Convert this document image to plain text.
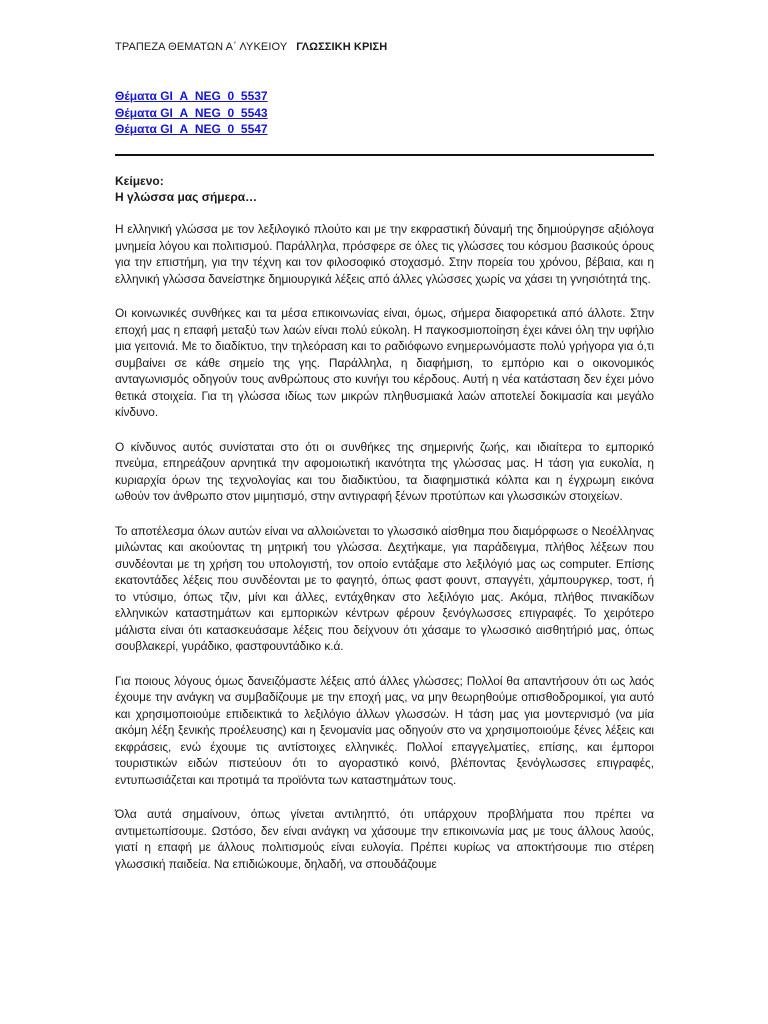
ΤΡΑΠΕΖΑ ΘΕΜΑΤΩΝ Α΄ ΛΥΚΕΙΟΥ ΓΛΩΣΣΙΚΗ ΚΡΙΣΗ
Θέματα GI_A_NEG_0_5537
Θέματα GI_A_NEG_0_5543
Θέματα GI_A_NEG_0_5547
Κείμενο:
Η γλώσσα μας σήμερα…

Η ελληνική γλώσσα με τον λεξιλογικό πλούτο και με την εκφραστική δύναμή της δημιούργησε αξιόλογα μνημεία λόγου και πολιτισμού. Παράλληλα, πρόσφερε σε όλες τις γλώσσες του κόσμου βασικούς όρους για την επιστήμη, για την τέχνη και τον φιλοσοφικό στοχασμό. Στην πορεία του χρόνου, βέβαια, και η ελληνική γλώσσα δανείστηκε δημιουργικά λέξεις από άλλες γλώσσες χωρίς να χάσει τη γνησιότητά της.

Οι κοινωνικές συνθήκες και τα μέσα επικοινωνίας είναι, όμως, σήμερα διαφορετικά από άλλοτε. Στην εποχή μας η επαφή μεταξύ των λαών είναι πολύ εύκολη. Η παγκοσμιοποίηση έχει κάνει όλη την υφήλιο μια γειτονιά. Με το διαδίκτυο, την τηλεόραση και το ραδιόφωνο ενημερωνόμαστε πολύ γρήγορα για ό,τι συμβαίνει σε κάθε σημείο της γης. Παράλληλα, η διαφήμιση, το εμπόριο και ο οικονομικός ανταγωνισμός οδηγούν τους ανθρώπους στο κυνήγι του κέρδους. Αυτή η νέα κατάσταση δεν έχει μόνο θετικά στοιχεία. Για τη γλώσσα ιδίως των μικρών πληθυσμιακά λαών αποτελεί δοκιμασία και μεγάλο κίνδυνο.

Ο κίνδυνος αυτός συνίσταται στο ότι οι συνθήκες της σημερινής ζωής, και ιδιαίτερα το εμπορικό πνεύμα, επηρεάζουν αρνητικά την αφομοιωτική ικανότητα της γλώσσας μας. Η τάση για ευκολία, η κυριαρχία όρων της τεχνολογίας και του διαδικτύου, τα διαφημιστικά κόλπα και η έγχρωμη εικόνα ωθούν τον άνθρωπο στον μιμητισμό, στην αντιγραφή ξένων προτύπων και γλωσσικών στοιχείων.

Το αποτέλεσμα όλων αυτών είναι να αλλοιώνεται το γλωσσικό αίσθημα που διαμόρφωσε ο Νεοέλληνας μιλώντας και ακούοντας τη μητρική του γλώσσα. Δεχτήκαμε, για παράδειγμα, πλήθος λέξεων που συνδέονται με τη χρήση του υπολογιστή, τον οποίο εντάξαμε στο λεξιλόγιό μας ως computer. Επίσης εκατοντάδες λέξεις που συνδέονται με το φαγητό, όπως φαστ φουντ, σπαγγέτι, χάμπουργκερ, τοστ, ή το ντύσιμο, όπως τζιν, μίνι και άλλες, εντάχθηκαν στο λεξιλόγιο μας. Ακόμα, πλήθος πινακίδων ελληνικών καταστημάτων και εμπορικών κέντρων φέρουν ξενόγλωσσες επιγραφές. Το χειρότερο μάλιστα είναι ότι κατασκευάσαμε λέξεις που δείχνουν ότι χάσαμε το γλωσσικό αισθητήριό μας, όπως σουβλακερί, γυράδικο, φαστφουντάδικο κ.ά.

Για ποιους λόγους όμως δανειζόμαστε λέξεις από άλλες γλώσσες; Πολλοί θα απαντήσουν ότι ως λαός έχουμε την ανάγκη να συμβαδίζουμε με την εποχή μας, να μην θεωρηθούμε οπισθοδρομικοί, για αυτό και χρησιμοποιούμε επιδεικτικά το λεξιλόγιο άλλων γλωσσών. Η τάση μας για μοντερνισμό (να μία ακόμη λέξη ξενικής προέλευσης) και η ξενομανία μας οδηγούν στο να χρησιμοποιούμε ξένες λέξεις και εκφράσεις, ενώ έχουμε τις αντίστοιχες ελληνικές. Πολλοί επαγγελματίες, επίσης, και έμποροι τουριστικών ειδών πιστεύουν ότι το αγοραστικό κοινό, βλέποντας ξενόγλωσσες επιγραφές, εντυπωσιάζεται και προτιμά τα προϊόντα των καταστημάτων τους.

Όλα αυτά σημαίνουν, όπως γίνεται αντιληπτό, ότι υπάρχουν προβλήματα που πρέπει να αντιμετωπίσουμε. Ωστόσο, δεν είναι ανάγκη να χάσουμε την επικοινωνία μας με τους άλλους λαούς, γιατί η επαφή με άλλους πολιτισμούς είναι ευλογία. Πρέπει κυρίως να αποκτήσουμε πιο στέρεη γλωσσική παιδεία. Να επιδιώκουμε, δηλαδή, να σπουδάζουμε
